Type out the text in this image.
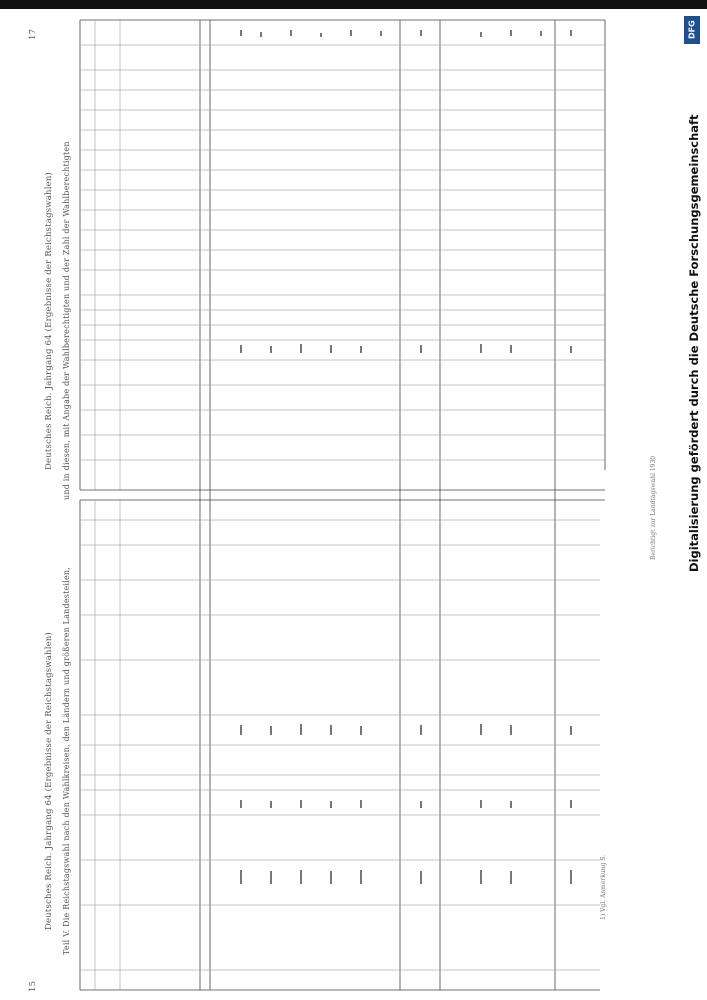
15
17
Deutsches Reich. Jahrgang 64 (Ergebnisse der Reichstagswahlen)
Deutsches Reich. Jahrgang 64 (Ergebnisse der Reichstagswahlen)
Teil V. Die Reichstagswahl nach den Wahlkreisen, den Ländern und größeren Landesteilen,
und in diesen, mit Angabe der Wahlberechtigten und der Zahl der Wahlberechtigten
Berichtigt zur Landtagswahl 1930
1) Vgl. Anmerkung S.
DFG
Digitalisierung gefördert durch die Deutsche Forschungsgemeinschaft
